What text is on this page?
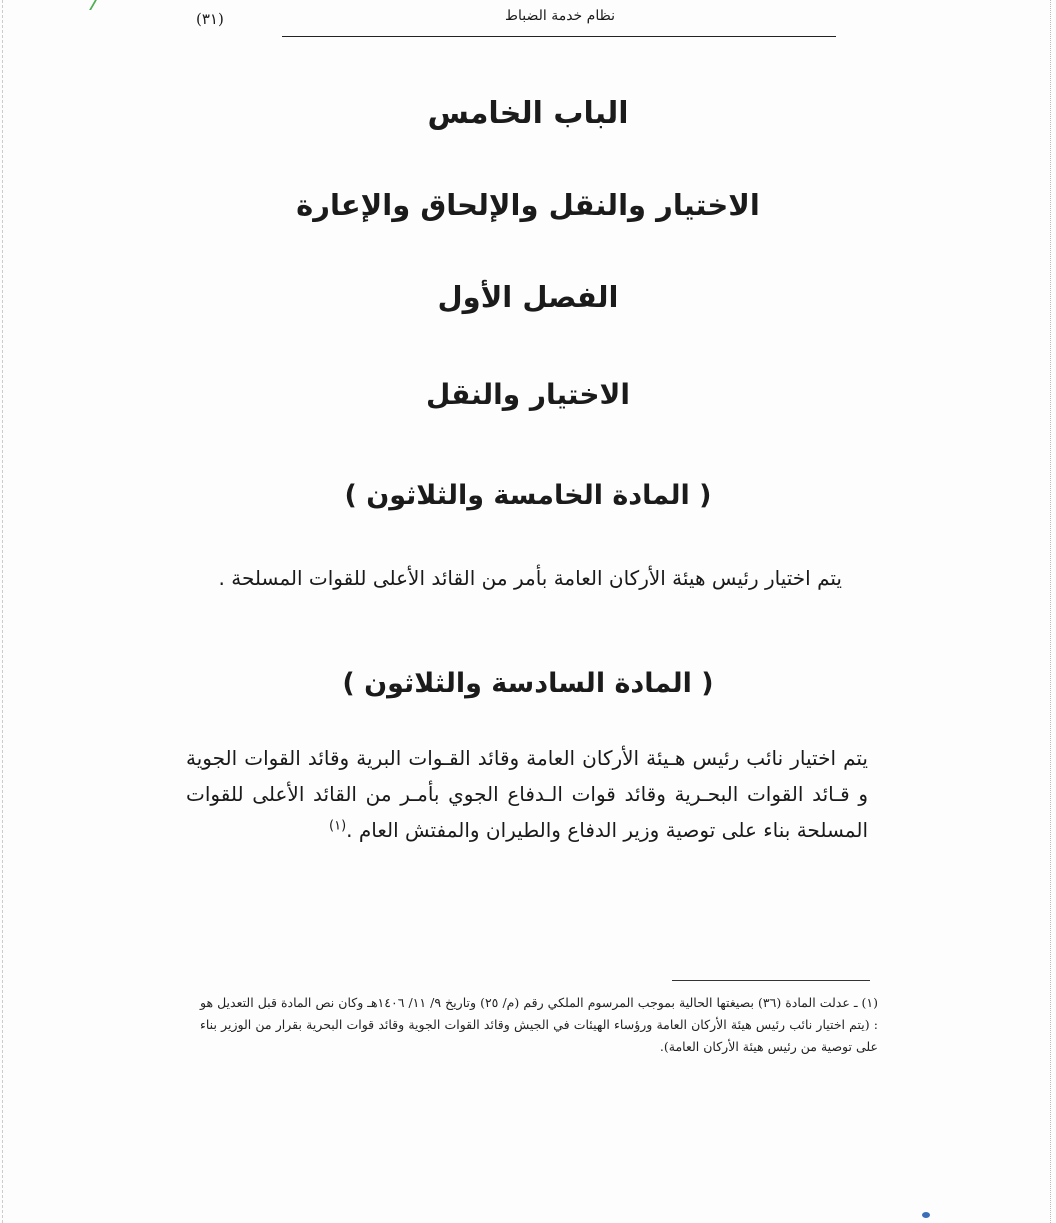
(٣١)	نظام خدمة الضباط
الباب الخامس
الاختيار والنقل والإلحاق والإعارة
الفصل الأول
الاختيار والنقل
( المادة الخامسة والثلاثون )
يتم اختيار رئيس هيئة الأركان العامة بأمر من القائد الأعلى للقوات المسلحة .
( المادة السادسة والثلاثون )
يتم اختيار نائب رئيس هـيئة الأركان العامة وقائد القـوات البرية وقائد القوات الجوية و قـائد القوات البحـرية وقائد قوات الـدفاع الجوي بأمـر من القائد الأعلى للقوات المسلحة بناء على توصية وزير الدفاع والطيران والمفتش العام .$^{(١)}$
(١) ـ عدلت المادة (٣٦) بصيغتها الحالية بموجب المرسوم الملكي رقم (م/ ٢٥) وتاريخ ٩/ ١١/ ١٤٠٦هـ وكان نص المادة قبل التعديل هو : (يتم اختيار نائب رئيس هيئة الأركان العامة ورؤساء الهيئات في الجيش وقائد القوات الجوية وقائد قوات البحرية بقرار من الوزير بناء على توصية من رئيس هيئة الأركان العامة).
